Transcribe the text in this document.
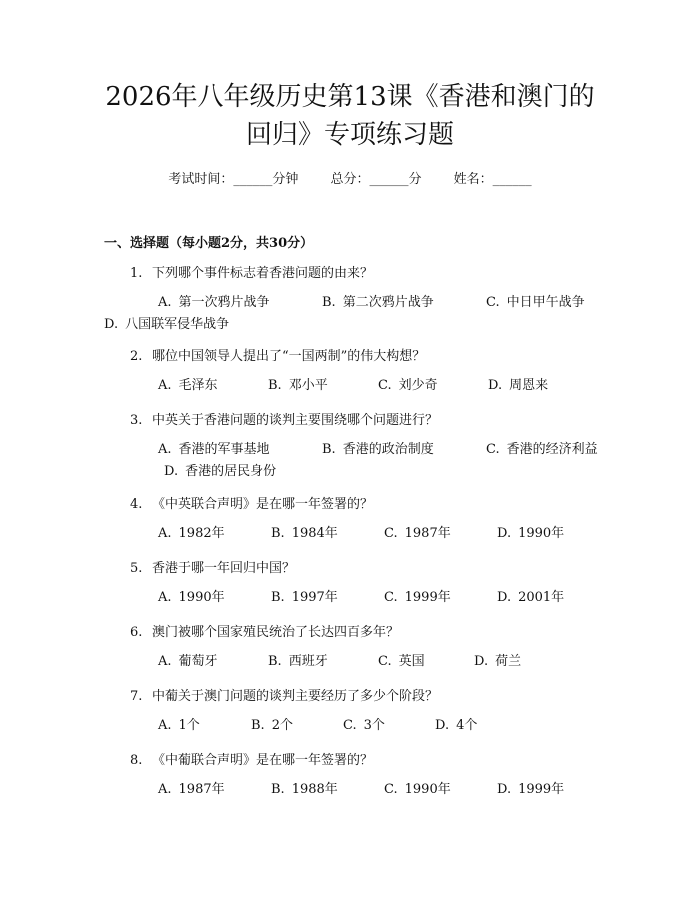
2026年八年级历史第13课《香港和澳门的
回归》专项练习题
考试时间：______分钟 总分：______分 姓名：______
一、选择题（每小题2分，共30分）
1. 下列哪个事件标志着香港问题的由来？
A. 第一次鸦片战争	B. 第二次鸦片战争	C. 中日甲午战争
D. 八国联军侵华战争
2. 哪位中国领导人提出了“一国两制”的伟大构想？
A. 毛泽东	B. 邓小平	C. 刘少奇	D. 周恩来
3. 中英关于香港问题的谈判主要围绕哪个问题进行？
A. 香港的军事基地	B. 香港的政治制度	C. 香港的经济利益
D. 香港的居民身份
4. 《中英联合声明》是在哪一年签署的？
A. 1982年	B. 1984年	C. 1987年	D. 1990年
5. 香港于哪一年回归中国？
A. 1990年	B. 1997年	C. 1999年	D. 2001年
6. 澳门被哪个国家殖民统治了长达四百多年？
A. 葡萄牙	B. 西班牙	C. 英国	D. 荷兰
7. 中葡关于澳门问题的谈判主要经历了多少个阶段？
A. 1个	B. 2个	C. 3个	D. 4个
8. 《中葡联合声明》是在哪一年签署的？
A. 1987年	B. 1988年	C. 1990年	D. 1999年
